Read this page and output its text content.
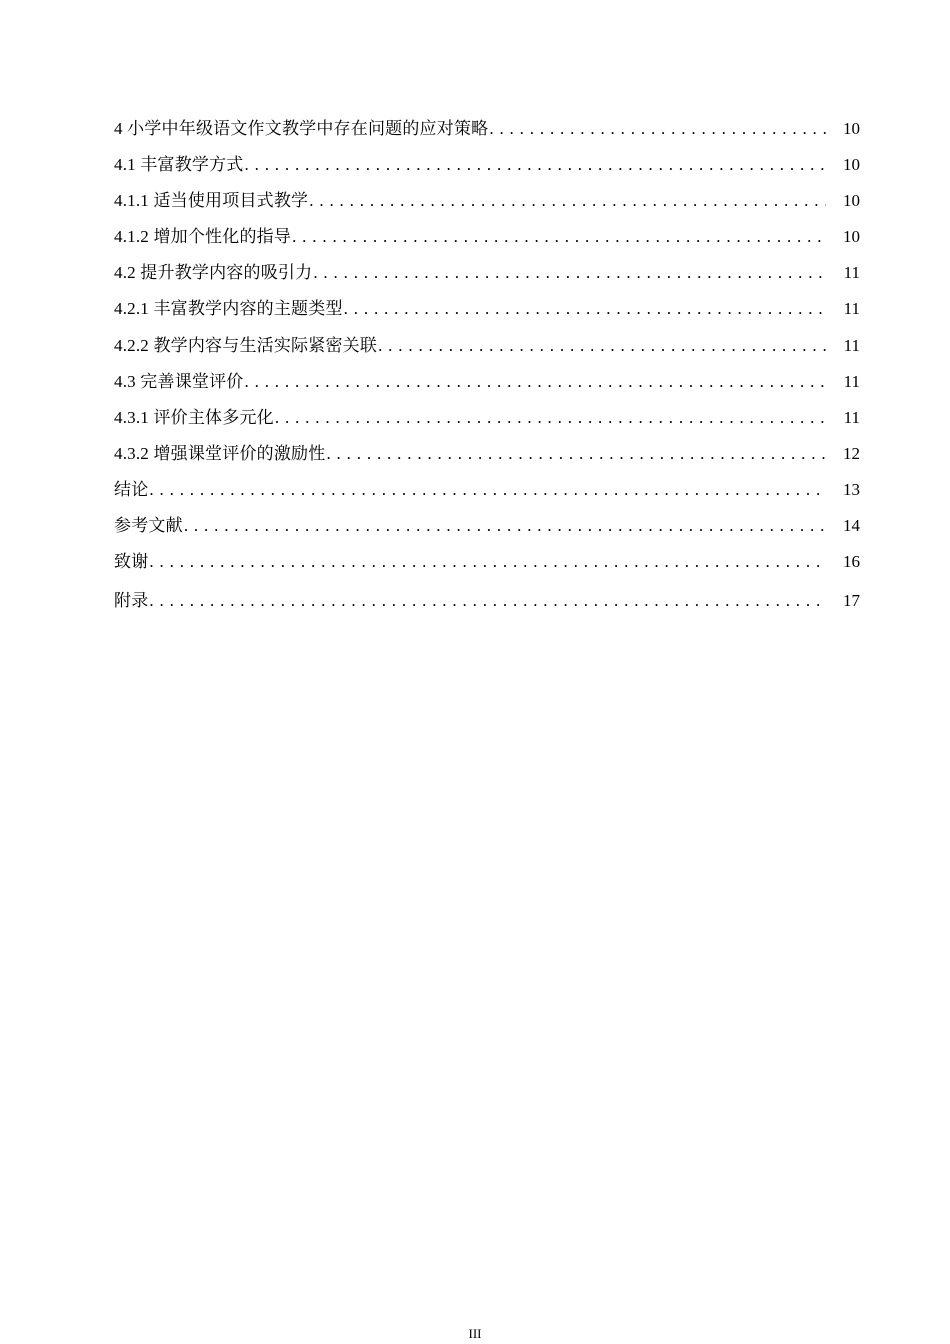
4 小学中年级语文作文教学中存在问题的应对策略 . . .	10
4.1 丰富教学方式 . . .	10
4.1.1 适当使用项目式教学 . . .	10
4.1.2 增加个性化的指导 . . .	10
4.2 提升教学内容的吸引力 . . .	11
4.2.1 丰富教学内容的主题类型 . . .	11
4.2.2 教学内容与生活实际紧密关联 . . .	11
4.3 完善课堂评价 . . .	11
4.3.1 评价主体多元化 . . .	11
4.3.2 增强课堂评价的激励性 . . .	12
结论 . . .	13
参考文献 . . .	14
致谢 . . .	16
附录 . . .	17
III
